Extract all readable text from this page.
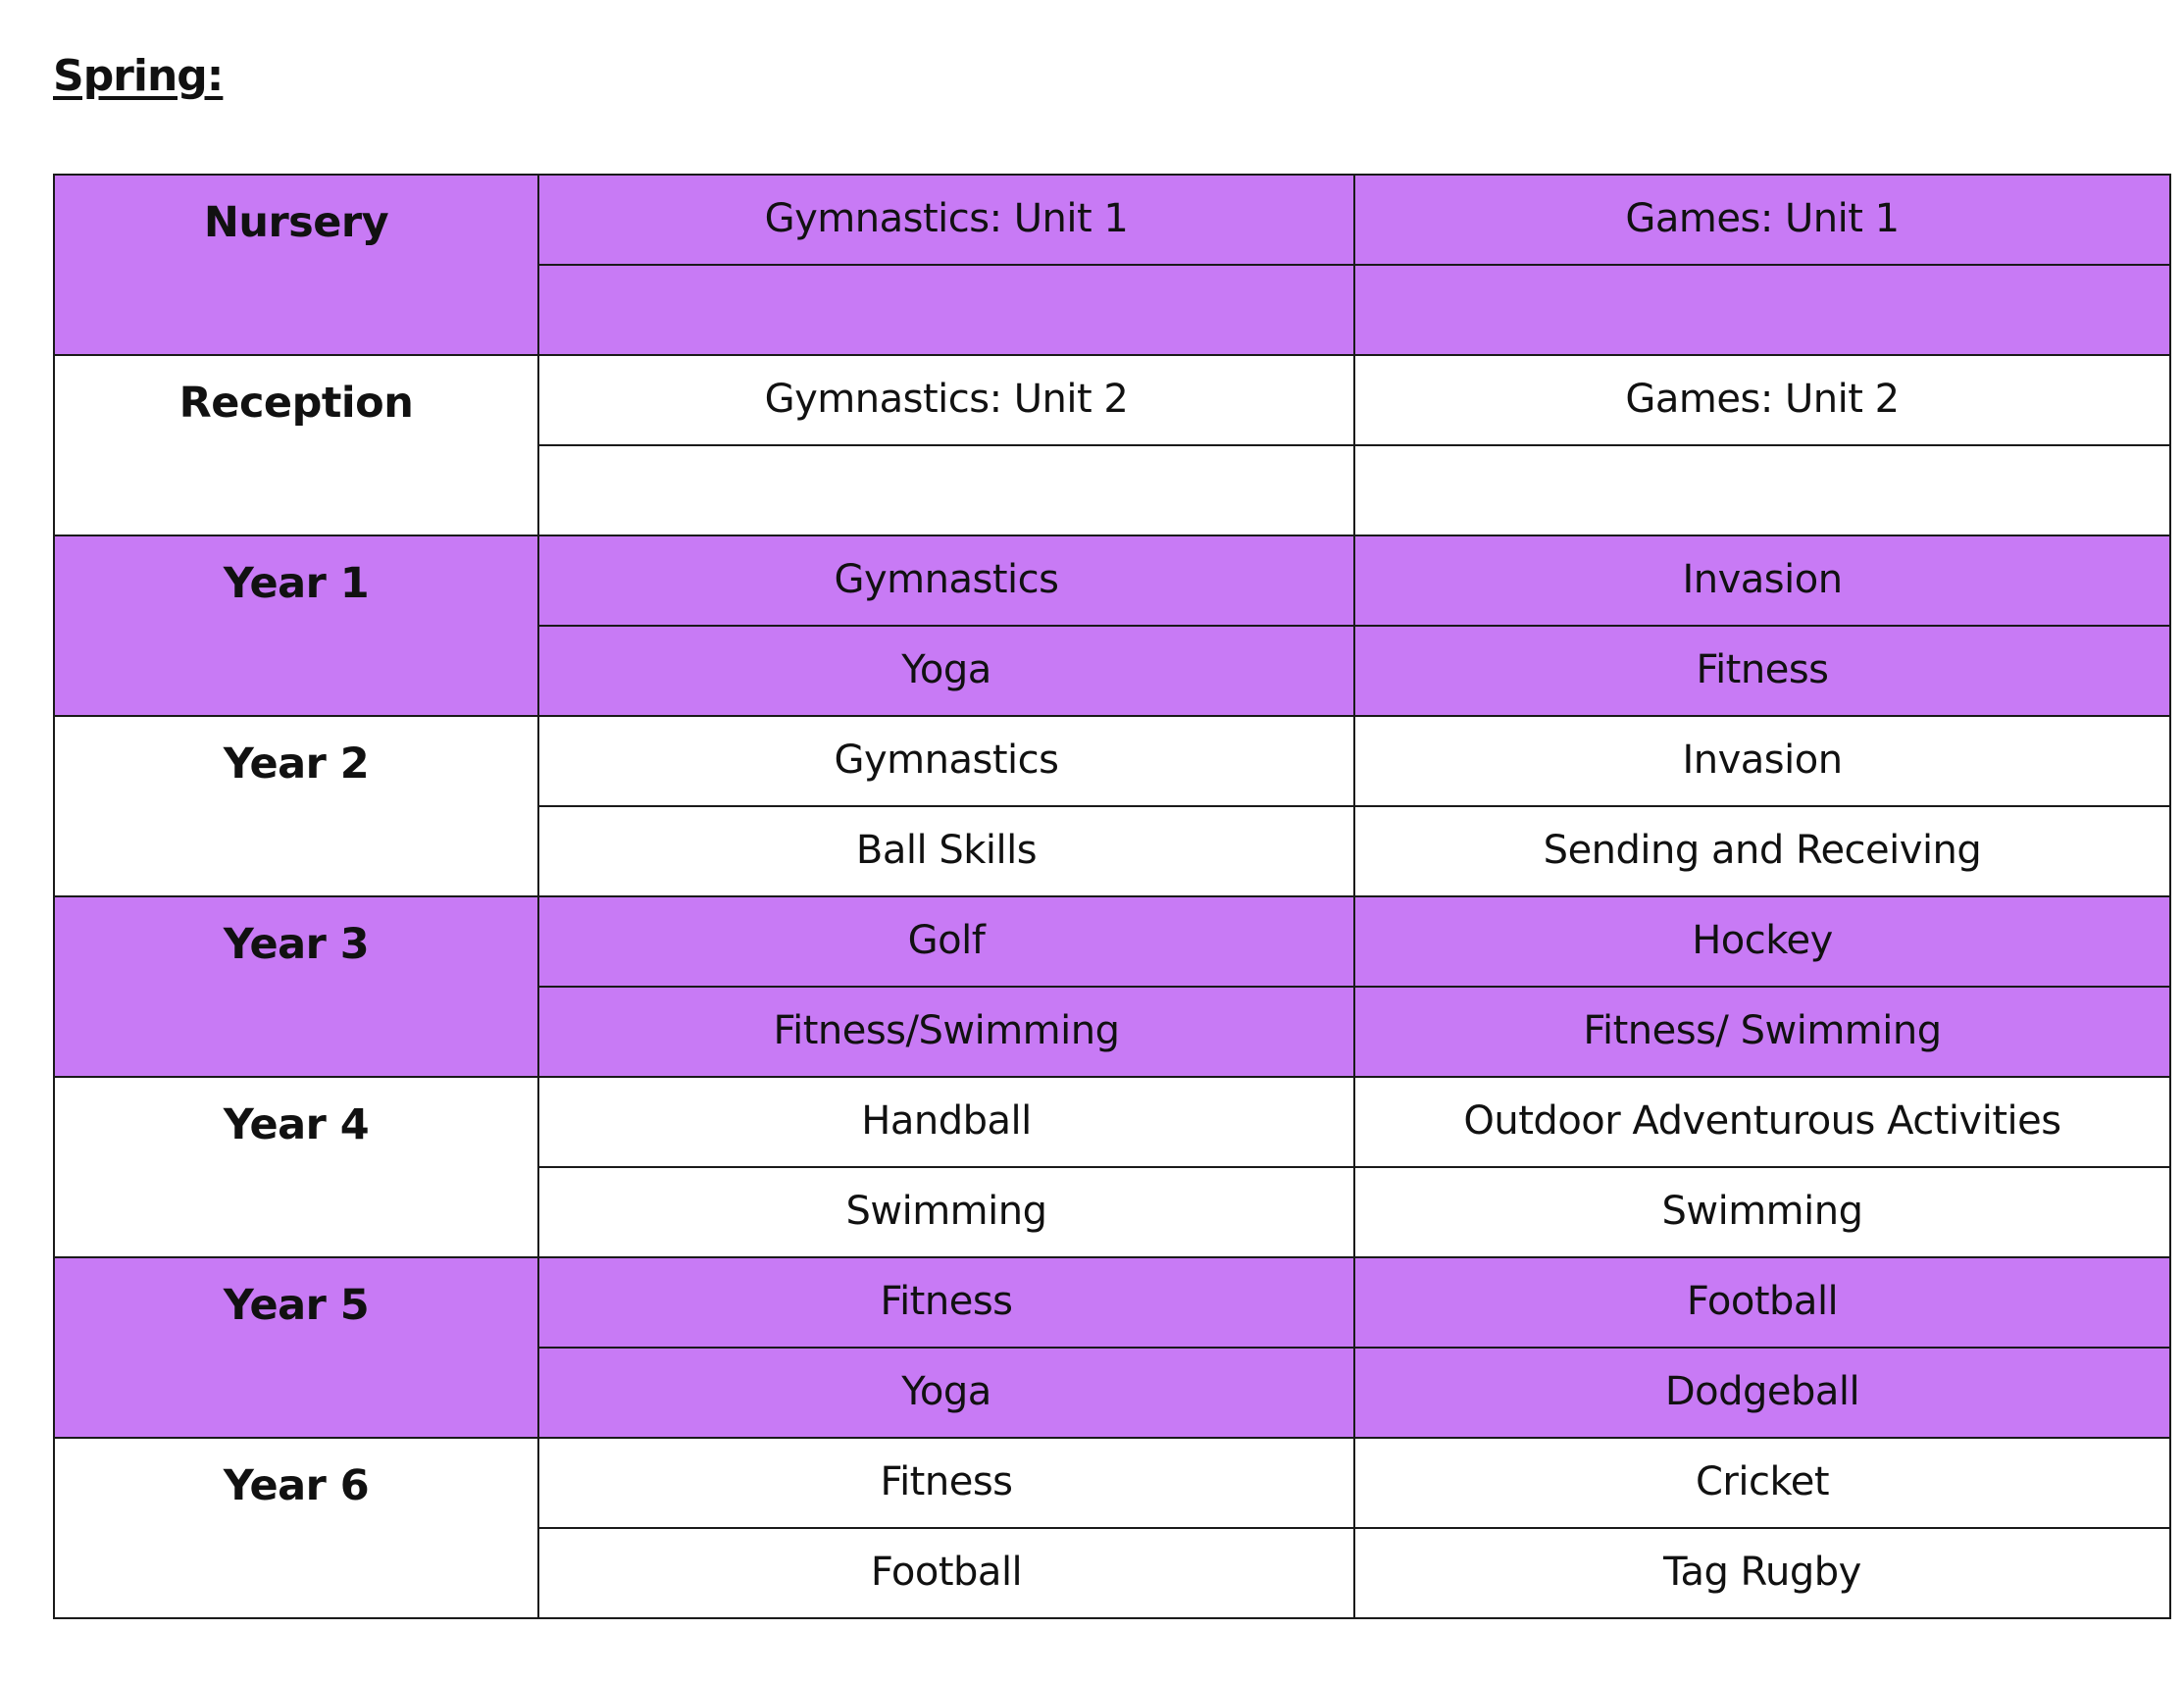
Spring:
Nursery	Gymnastics: Unit 1	Games: Unit 1

Reception	Gymnastics: Unit 2	Games: Unit 2

Year 1	Gymnastics	Invasion
	Yoga	Fitness
Year 2	Gymnastics	Invasion
	Ball Skills	Sending and Receiving
Year 3	Golf	Hockey
	Fitness/Swimming	Fitness/ Swimming
Year 4	Handball	Outdoor Adventurous Activities
	Swimming	Swimming
Year 5	Fitness	Football
	Yoga	Dodgeball
Year 6	Fitness	Cricket
	Football	Tag Rugby
